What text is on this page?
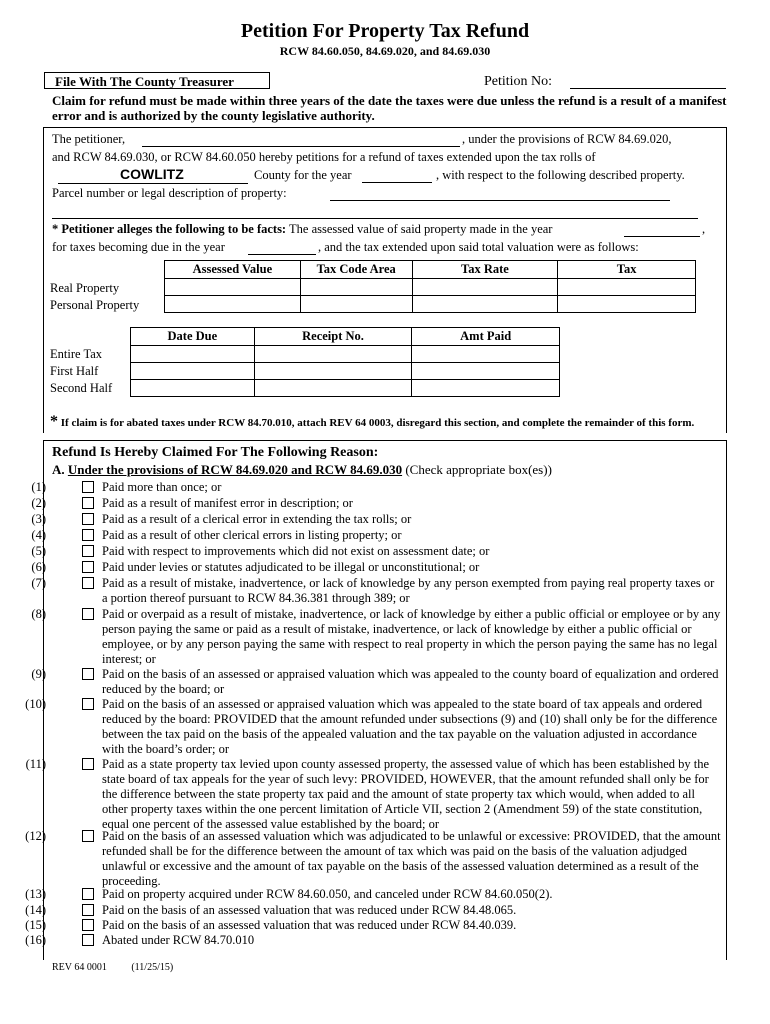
Petition For Property Tax Refund
RCW 84.60.050, 84.69.020, and 84.69.030
File With The County Treasurer	Petition No:
Claim for refund must be made within three years of the date the taxes were due unless the refund is a result of a manifest error and is authorized by the county legislative authority.
The petitioner,	, under the provisions of RCW 84.69.020,
and RCW 84.69.030, or RCW 84.60.050 hereby petitions for a refund of taxes extended upon the tax rolls of
COWLITZ	County for the year	, with respect to the following described property.
Parcel number or legal description of property:
* Petitioner alleges the following to be facts: The assessed value of said property made in the year	,
for taxes becoming due in the year	, and the tax extended upon said total valuation were as follows:
Assessed Value	Tax Code Area	Tax Rate	Tax

Real Property
Personal Property
Date Due	Receipt No.	Amt Paid

Entire Tax
First Half
Second Half
* If claim is for abated taxes under RCW 84.70.010, attach REV 64 0003, disregard this section, and complete the remainder of this form.
Refund Is Hereby Claimed For The Following Reason:
A. Under the provisions of RCW 84.69.020 and RCW 84.69.030 (Check appropriate box(es))
(1)	Paid more than once; or
(2)	Paid as a result of manifest error in description; or
(3)	Paid as a result of a clerical error in extending the tax rolls; or
(4)	Paid as a result of other clerical errors in listing property; or
(5)	Paid with respect to improvements which did not exist on assessment date; or
(6)	Paid under levies or statutes adjudicated to be illegal or unconstitutional; or
(7)	Paid as a result of mistake, inadvertence, or lack of knowledge by any person exempted from paying real property taxes or a portion thereof pursuant to RCW 84.36.381 through 389; or
(8)	Paid or overpaid as a result of mistake, inadvertence, or lack of knowledge by either a public official or employee or by any person paying the same or paid as a result of mistake, inadvertence, or lack of knowledge by either a public official or employee, or by any person paying the same with respect to real property in which the person paying the same has no legal interest; or
(9)	Paid on the basis of an assessed or appraised valuation which was appealed to the county board of equalization and ordered reduced by the board; or
(10)	Paid on the basis of an assessed or appraised valuation which was appealed to the state board of tax appeals and ordered reduced by the board: PROVIDED that the amount refunded under subsections (9) and (10) shall only be for the difference between the tax paid on the basis of the appealed valuation and the tax payable on the valuation adjusted in accordance with the board’s order; or
(11)	Paid as a state property tax levied upon county assessed property, the assessed value of which has been established by the state board of tax appeals for the year of such levy: PROVIDED, HOWEVER, that the amount refunded shall only be for the difference between the state property tax paid and the amount of state property tax which would, when added to all other property taxes within the one percent limitation of Article VII, section 2 (Amendment 59) of the state constitution, equal one percent of the assessed value established by the board; or
(12)	Paid on the basis of an assessed valuation which was adjudicated to be unlawful or excessive: PROVIDED, that the amount refunded shall be for the difference between the amount of tax which was paid on the basis of the valuation adjudged unlawful or excessive and the amount of tax payable on the basis of the assessed valuation determined as a result of the proceeding.
(13)	Paid on property acquired under RCW 84.60.050, and canceled under RCW 84.60.050(2).
(14)	Paid on the basis of an assessed valuation that was reduced under RCW 84.48.065.
(15)	Paid on the basis of an assessed valuation that was reduced under RCW 84.40.039.
(16)	Abated under RCW 84.70.010
REV 64 0001 (11/25/15)
